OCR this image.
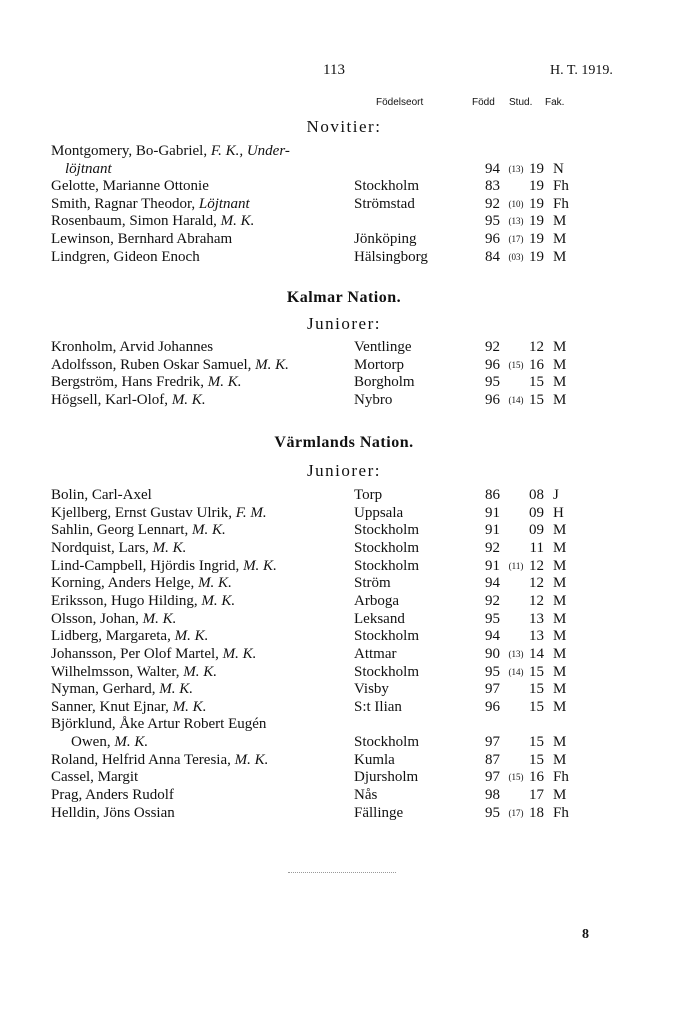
113	H. T. 1919.
Födelseort	Född Stud. Fak.
Novitier:
Montgomery, Bo-Gabriel, F. K., Under-
löjtnant	94 (13) 19 N
Gelotte, Marianne Ottonie	Stockholm	83	19 Fh
Smith, Ragnar Theodor, Löjtnant	Strömstad	92 (10) 19 Fh
Rosenbaum, Simon Harald, M. K.	95 (13) 19 M
Lewinson, Bernhard Abraham	Jönköping	96 (17) 19 M
Lindgren, Gideon Enoch	Hälsingborg	84 (03) 19 M
Kalmar Nation.
Juniorer:
Kronholm, Arvid Johannes	Ventlinge	92	12 M
Adolfsson, Ruben Oskar Samuel, M. K.	Mortorp	96 (15) 16 M
Bergström, Hans Fredrik, M. K.	Borgholm	95	15 M
Högsell, Karl-Olof, M. K.	Nybro	96 (14) 15 M
Värmlands Nation.
Juniorer:
Bolin, Carl-Axel	Torp	86	08 J
Kjellberg, Ernst Gustav Ulrik, F. M.	Uppsala	91	09 H
Sahlin, Georg Lennart, M. K.	Stockholm	91	09 M
Nordquist, Lars, M. K.	Stockholm	92	11 M
Lind-Campbell, Hjördis Ingrid, M. K.	Stockholm	91 (11) 12 M
Korning, Anders Helge, M. K.	Ström	94	12 M
Eriksson, Hugo Hilding, M. K.	Arboga	92	12 M
Olsson, Johan, M. K.	Leksand	95	13 M
Lidberg, Margareta, M. K.	Stockholm	94	13 M
Johansson, Per Olof Martel, M. K.	Attmar	90 (13) 14 M
Wilhelmsson, Walter, M. K.	Stockholm	95 (14) 15 M
Nyman, Gerhard, M. K.	Visby	97	15 M
Sanner, Knut Ejnar, M. K.	S:t Ilian	96	15 M
Björklund, Åke Artur Robert Eugén
Owen, M. K.	Stockholm	97	15 M
Roland, Helfrid Anna Teresia, M. K.	Kumla	87	15 M
Cassel, Margit	Djursholm	97 (15) 16 Fh
Prag, Anders Rudolf	Nås	98	17 M
Helldin, Jöns Ossian	Fällinge	95 (17) 18 Fh
8
